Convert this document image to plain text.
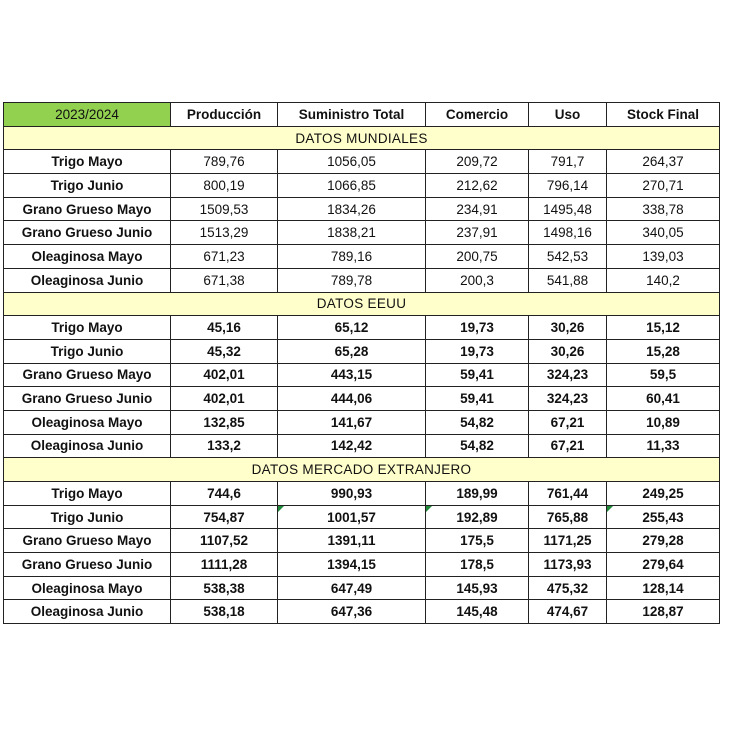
2023/2024	Producción	Suministro Total	Comercio	Uso	Stock Final
DATOS MUNDIALES					
Trigo Mayo	789,76	1056,05	209,72	791,7	264,37
Trigo Junio	800,19	1066,85	212,62	796,14	270,71
Grano Grueso Mayo	1509,53	1834,26	234,91	1495,48	338,78
Grano Grueso Junio	1513,29	1838,21	237,91	1498,16	340,05
Oleaginosa Mayo	671,23	789,16	200,75	542,53	139,03
Oleaginosa Junio	671,38	789,78	200,3	541,88	140,2
DATOS EEUU					
Trigo Mayo	45,16	65,12	19,73	30,26	15,12
Trigo Junio	45,32	65,28	19,73	30,26	15,28
Grano Grueso Mayo	402,01	443,15	59,41	324,23	59,5
Grano Grueso Junio	402,01	444,06	59,41	324,23	60,41
Oleaginosa Mayo	132,85	141,67	54,82	67,21	10,89
Oleaginosa Junio	133,2	142,42	54,82	67,21	11,33
DATOS MERCADO EXTRANJERO					
Trigo Mayo	744,6	990,93	189,99	761,44	249,25
Trigo Junio	754,87	1001,57	192,89	765,88	255,43
Grano Grueso Mayo	1107,52	1391,11	175,5	1171,25	279,28
Grano Grueso Junio	1111,28	1394,15	178,5	1173,93	279,64
Oleaginosa Mayo	538,38	647,49	145,93	475,32	128,14
Oleaginosa Junio	538,18	647,36	145,48	474,67	128,87
